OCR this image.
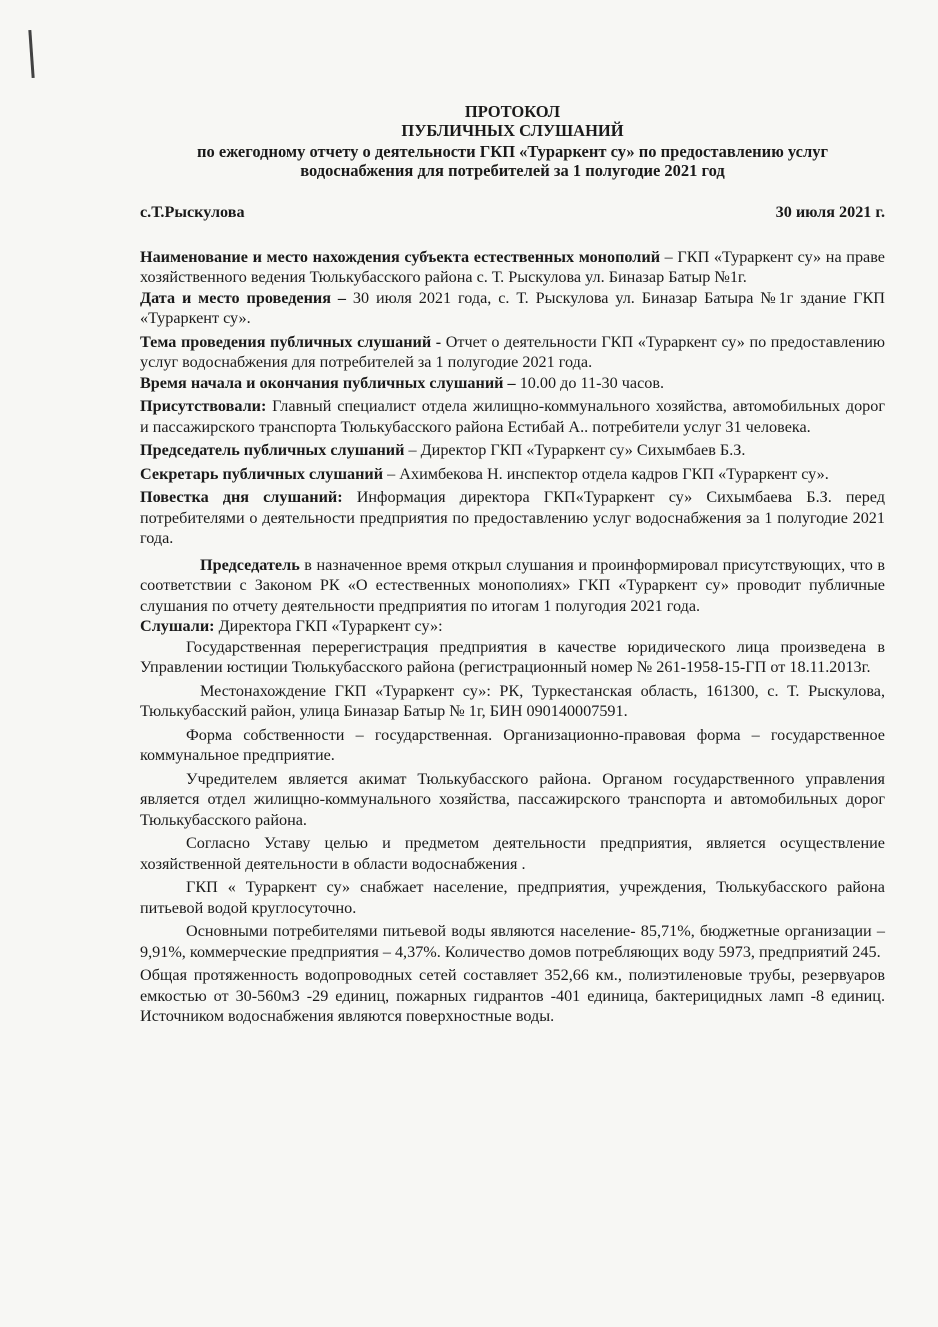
ПРОТОКОЛ
ПУБЛИЧНЫХ СЛУШАНИЙ
по ежегодному отчету о деятельности ГКП «Тураркент су» по предоставлению услуг
водоснабжения для потребителей за 1 полугодие 2021 год
с.Т.Рыскулова	30 июля 2021 г.

Наименование и место нахождения субъекта естественных монополий – ГКП «Тураркент су» на праве хозяйственного ведения Тюлькубасского района с. Т. Рыскулова ул. Биназар Батыр №1г.

Дата и место проведения – 30 июля 2021 года, с. Т. Рыскулова ул. Биназар Батыра №1г здание ГКП «Тураркент су».

Тема проведения публичных слушаний - Отчет о деятельности ГКП «Тураркент су» по предоставлению услуг водоснабжения для потребителей за 1 полугодие 2021 года.

Время начала и окончания публичных слушаний – 10.00 до 11-30 часов.

Присутствовали: Главный специалист отдела жилищно-коммунального хозяйства, автомобильных дорог и пассажирского транспорта Тюлькубасского района Естибай А.. потребители услуг 31 человека.

Председатель публичных слушаний – Директор ГКП «Тураркент су» Сихымбаев Б.З.

Секретарь публичных слушаний – Ахимбекова Н. инспектор отдела кадров ГКП «Тураркент су».

Повестка дня слушаний: Информация директора ГКП«Тураркент су» Сихымбаева Б.З. перед потребителями о деятельности предприятия по предоставлению услуг водоснабжения за 1 полугодие 2021 года.

Председатель в назначенное время открыл слушания и проинформировал присутствующих, что в соответствии с Законом РК «О естественных монополиях» ГКП «Тураркент су» проводит публичные слушания по отчету деятельности предприятия по итогам 1 полугодия 2021 года.

Слушали: Директора ГКП «Тураркент су»:

Государственная перерегистрация предприятия в качестве юридического лица произведена в Управлении юстиции Тюлькубасского района (регистрационный номер № 261-1958-15-ГП от 18.11.2013г.

Местонахождение ГКП «Тураркент су»: РК, Туркестанская область, 161300, с. Т. Рыскулова, Тюлькубасский район, улица Биназар Батыр № 1г, БИН 090140007591.

Форма собственности – государственная. Организационно-правовая форма – государственное коммунальное предприятие.

Учредителем является акимат Тюлькубасского района. Органом государственного управления является отдел жилищно-коммунального хозяйства, пассажирского транспорта и автомобильных дорог Тюлькубасского района.

Согласно Уставу целью и предметом деятельности предприятия, является осуществление хозяйственной деятельности в области водоснабжения .

ГКП « Тураркент су» снабжает население, предприятия, учреждения, Тюлькубасского района питьевой водой круглосуточно.

Основными потребителями питьевой воды являются население- 85,71%, бюджетные организации – 9,91%, коммерческие предприятия – 4,37%. Количество домов потребляющих воду 5973, предприятий 245.

Общая протяженность водопроводных сетей составляет 352,66 км., полиэтиленовые трубы, резервуаров емкостью от 30-560м3 -29 единиц, пожарных гидрантов -401 единица, бактерицидных ламп -8 единиц. Источником водоснабжения являются поверхностные воды.
